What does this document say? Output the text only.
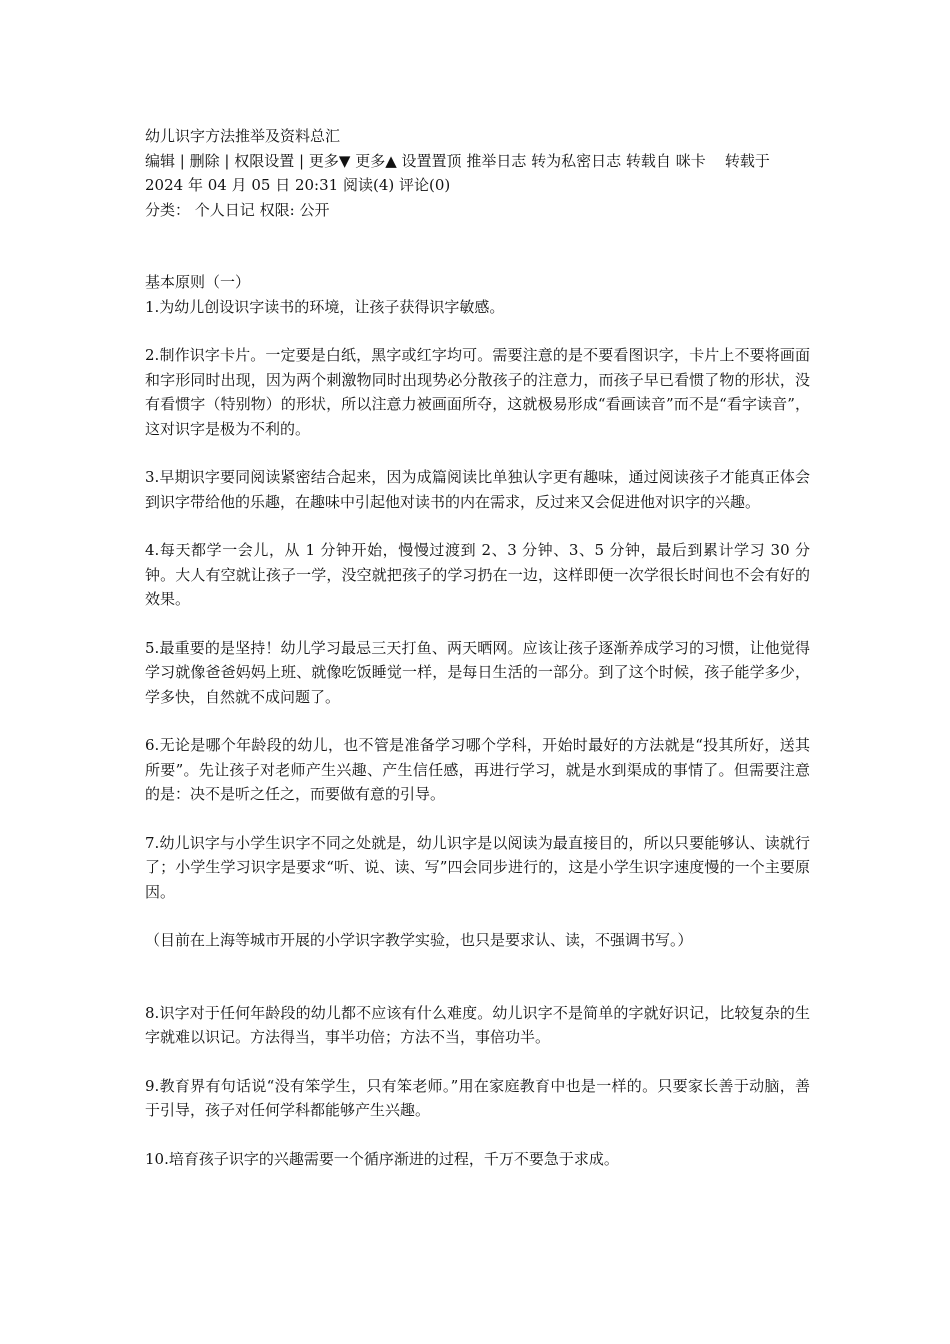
幼儿识字方法推举及资料总汇
编辑 | 删除 | 权限设置 | 更多▼ 更多▲ 设置置顶 推举日志 转为私密日志 转载自 咪卡 转载于 2024 年 04 月 05 日 20:31 阅读(4) 评论(0)
分类： 个人日记 权限: 公开
基本原则（一）
1.为幼儿创设识字读书的环境，让孩子获得识字敏感。
2.制作识字卡片。一定要是白纸，黑字或红字均可。需要注意的是不要看图识字，卡片上不要将画面和字形同时出现，因为两个刺激物同时出现势必分散孩子的注意力，而孩子早已看惯了物的形状，没有看惯字（特别物）的形状，所以注意力被画面所夺，这就极易形成“看画读音”而不是“看字读音”，这对识字是极为不利的。
3.早期识字要同阅读紧密结合起来，因为成篇阅读比单独认字更有趣味，通过阅读孩子才能真正体会到识字带给他的乐趣，在趣味中引起他对读书的内在需求，反过来又会促进他对识字的兴趣。
4.每天都学一会儿，从 1 分钟开始，慢慢过渡到 2、3 分钟、3、5 分钟，最后到累计学习 30 分钟。大人有空就让孩子一学，没空就把孩子的学习扔在一边，这样即便一次学很长时间也不会有好的效果。
5.最重要的是坚持！幼儿学习最忌三天打鱼、两天晒网。应该让孩子逐渐养成学习的习惯，让他觉得学习就像爸爸妈妈上班、就像吃饭睡觉一样，是每日生活的一部分。到了这个时候，孩子能学多少，学多快，自然就不成问题了。
6.无论是哪个年龄段的幼儿，也不管是准备学习哪个学科，开始时最好的方法就是“投其所好，送其所要”。先让孩子对老师产生兴趣、产生信任感，再进行学习，就是水到渠成的事情了。但需要注意的是：决不是听之任之，而要做有意的引导。
7.幼儿识字与小学生识字不同之处就是，幼儿识字是以阅读为最直接目的，所以只要能够认、读就行了；小学生学习识字是要求“听、说、读、写”四会同步进行的，这是小学生识字速度慢的一个主要原因。
（目前在上海等城市开展的小学识字教学实验，也只是要求认、读，不强调书写。）
8.识字对于任何年龄段的幼儿都不应该有什么难度。幼儿识字不是简单的字就好识记，比较复杂的生字就难以识记。方法得当，事半功倍；方法不当，事倍功半。
9.教育界有句话说“没有笨学生，只有笨老师。”用在家庭教育中也是一样的。只要家长善于动脑，善于引导，孩子对任何学科都能够产生兴趣。
10.培育孩子识字的兴趣需要一个循序渐进的过程，千万不要急于求成。
